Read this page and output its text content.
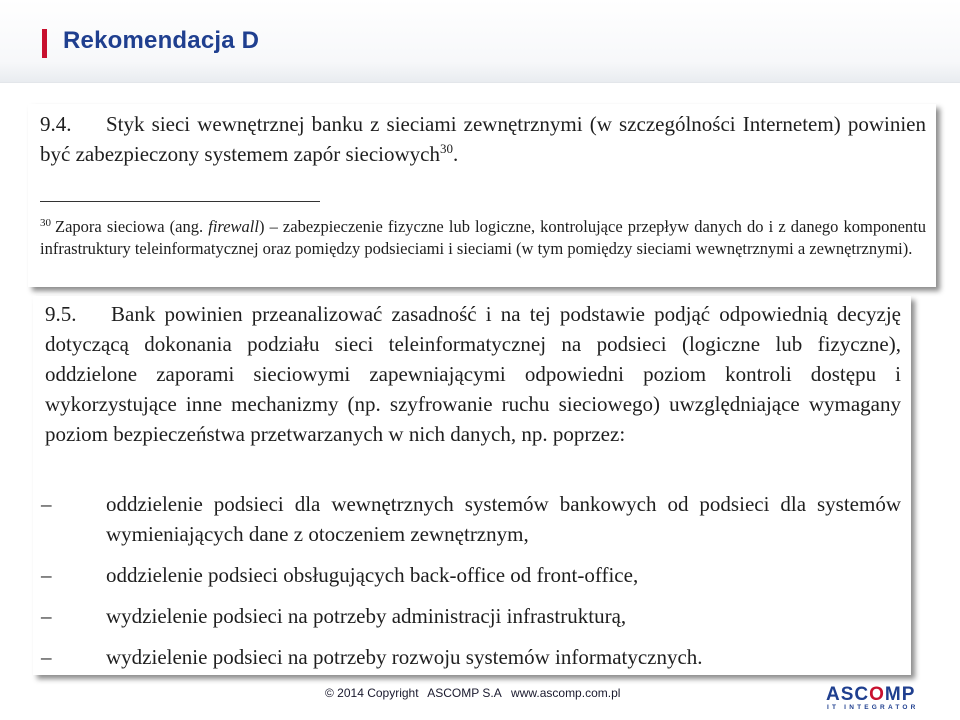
Rekomendacja D
9.4. Styk sieci wewnętrznej banku z sieciami zewnętrznymi (w szczególności Internetem) powinien być zabezpieczony systemem zapór sieciowych$^{30}$.
$^{30}$ Zapora sieciowa (ang. firewall) – zabezpieczenie fizyczne lub logiczne, kontrolujące przepływ danych do i z danego komponentu infrastruktury teleinformatycznej oraz pomiędzy podsieciami i sieciami (w tym pomiędzy sieciami wewnętrznymi a zewnętrznymi).
9.5. Bank powinien przeanalizować zasadność i na tej podstawie podjąć odpowiednią decyzję dotyczącą dokonania podziału sieci teleinformatycznej na podsieci (logiczne lub fizyczne), oddzielone zaporami sieciowymi zapewniającymi odpowiedni poziom kontroli dostępu i wykorzystujące inne mechanizmy (np. szyfrowanie ruchu sieciowego) uwzględniające wymagany poziom bezpieczeństwa przetwarzanych w nich danych, np. poprzez:
–	oddzielenie podsieci dla wewnętrznych systemów bankowych od podsieci dla systemów wymieniających dane z otoczeniem zewnętrznym,
–	oddzielenie podsieci obsługujących back-office od front-office,
–	wydzielenie podsieci na potrzeby administracji infrastrukturą,
–	wydzielenie podsieci na potrzeby rozwoju systemów informatycznych.
© 2014 Copyright ASCOMP S.A www.ascomp.com.pl	ASCOMP
IT INTEGRATOR
